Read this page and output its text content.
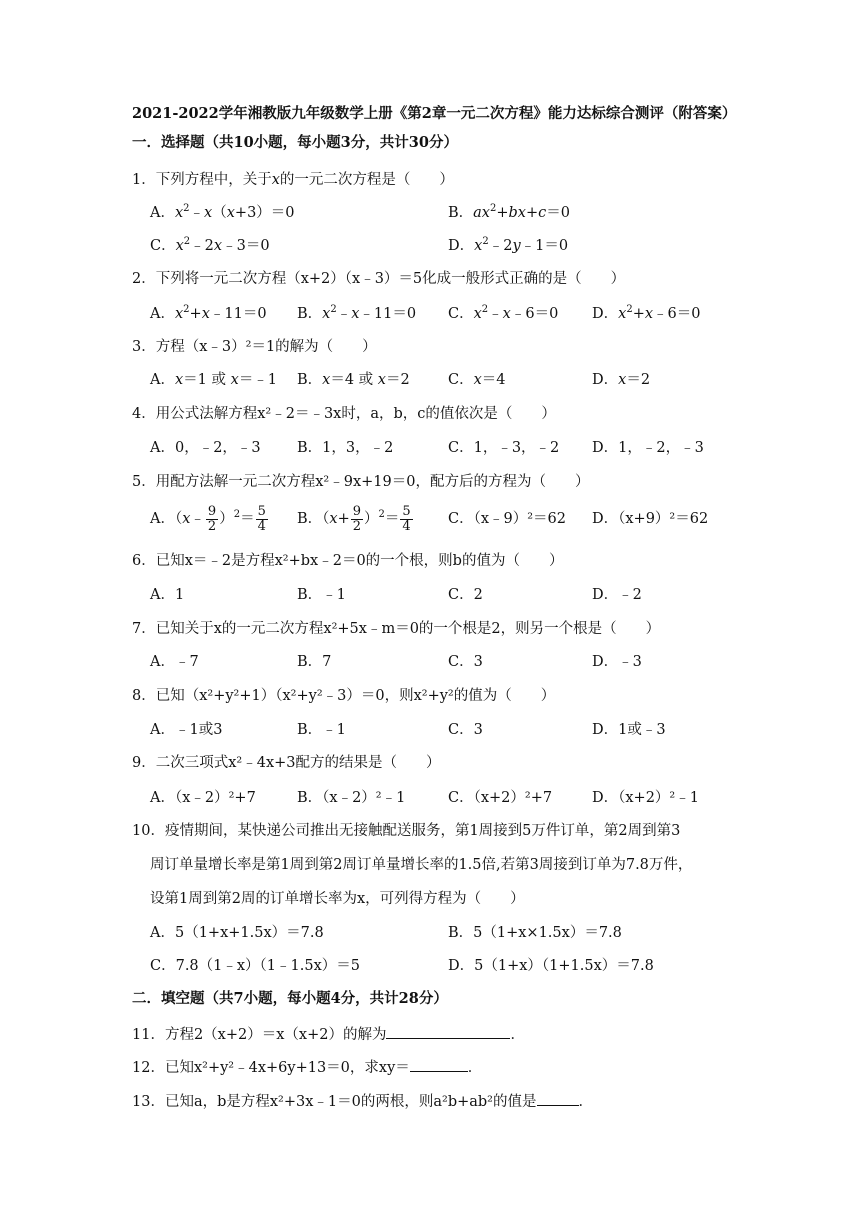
2021-2022学年湘教版九年级数学上册《第2章一元二次方程》能力达标综合测评（附答案）
一．选择题（共10小题，每小题3分，共计30分）
1．下列方程中，关于x的一元二次方程是（　　）
A．$x^2﹣x(x+3)=0$	B．$ax^2+bx+c=0$
C．$x^2﹣2x﹣3=0$	D．$x^2﹣2y﹣1=0$
2．下列将一元二次方程（x+2）（x﹣3）＝5化成一般形式正确的是（　　）
A．$x^2+x﹣11=0$ B．$x^2﹣x﹣11=0$ C．$x^2﹣x﹣6=0$ D．$x^2+x﹣6=0$
3．方程（x﹣3）²＝1的解为（　　）
A．x＝1 或 x＝﹣1 B．x＝4 或 x＝2	C．x＝4	D．x＝2
4．用公式法解方程x²﹣2＝﹣3x时，a，b，c的值依次是（　　）
A．0，﹣2，﹣3	B．1，3，﹣2	C．1，﹣3，﹣2 D．1，﹣2，﹣3
5．用配方法解一元二次方程x²﹣9x+19＝0，配方后的方程为（　　）
A．（x﹣ $\frac{9}{2} )^2= \frac{5}{4}$ B．$(x+ \frac{9}{2} )^2= \frac{5}{4}$ C．（x﹣9）²＝62 D．（x+9）²＝62
6．已知x＝﹣2是方程x²+bx﹣2＝0的一个根，则b的值为（　　）
A．1	B．﹣1	C．2	D．﹣2
7．已知关于x的一元二次方程x²+5x﹣m＝0的一个根是2，则另一个根是（　　）
A．﹣7	B．7	C．3	D．﹣3
8．已知（x²+y²+1）（x²+y²﹣3）＝0，则x²+y²的值为（　　）
A．﹣1或3	B．﹣1	C．3	D．1或﹣3
9．二次三项式x²﹣4x+3配方的结果是（　　）
A．（x﹣2）²+7	B．（x﹣2）²﹣1	C．（x+2）²+7	D．（x+2）²﹣1
10．疫情期间，某快递公司推出无接触配送服务，第1周接到5万件订单，第2周到第3
周订单量增长率是第1周到第2周订单量增长率的1.5倍,若第3周接到订单为7.8万件，
设第1周到第2周的订单增长率为x，可列得方程为（　　）
A．5（1+x+1.5x）＝7.8	B．5（1+x×1.5x）＝7.8
C．7.8（1﹣x）（1﹣1.5x）＝5	D．5（1+x）（1+1.5x）＝7.8
二．填空题（共7小题，每小题4分，共计28分）
11．方程2（x+2）＝x（x+2）的解为	．
12．已知x²+y²﹣4x+6y+13＝0，求xy＝	．
13．已知a，b是方程x²+3x﹣1＝0的两根，则a²b+ab²的值是	．
